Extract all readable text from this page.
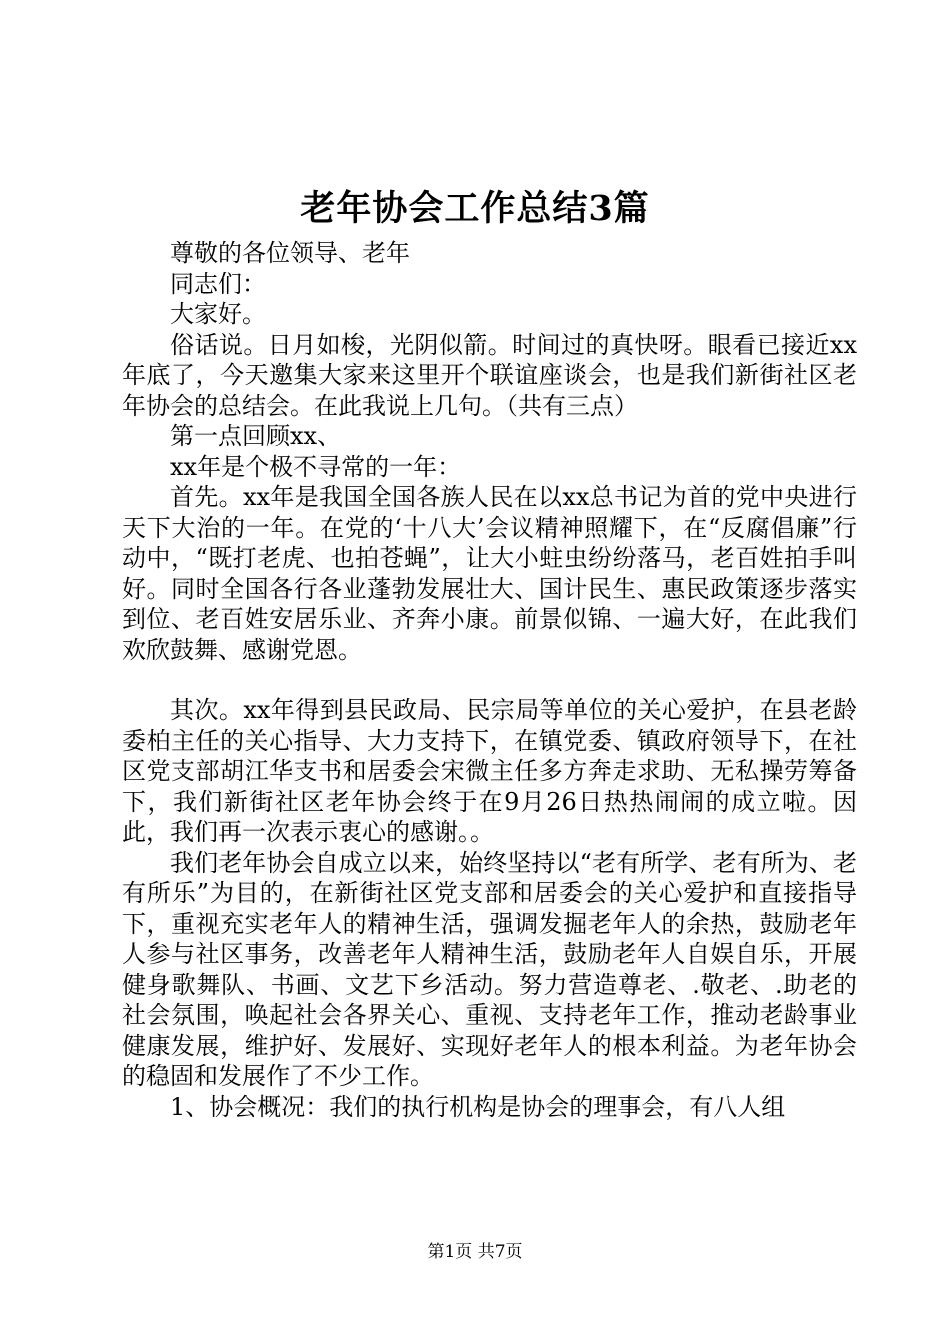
老年协会工作总结3篇

尊敬的各位领导、老年

同志们：

大家好。

俗话说。日月如梭，光阴似箭。时间过的真快呀。眼看已接近xx年底了，今天邀集大家来这里开个联谊座谈会，也是我们新街社区老年协会的总结会。在此我说上几句。（共有三点）

第一点回顾xx、

xx年是个极不寻常的一年：

首先。xx年是我国全国各族人民在以xx总书记为首的党中央进行天下大治的一年。在党的‘十八大’会议精神照耀下，在“反腐倡廉”行动中，“既打老虎、也拍苍蝇”，让大小蛀虫纷纷落马，老百姓拍手叫好。同时全国各行各业蓬勃发展壮大、国计民生、惠民政策逐步落实到位、老百姓安居乐业、齐奔小康。前景似锦、一遍大好，在此我们欢欣鼓舞、感谢党恩。

其次。xx年得到县民政局、民宗局等单位的关心爱护，在县老龄委柏主任的关心指导、大力支持下，在镇党委、镇政府领导下，在社区党支部胡江华支书和居委会宋微主任多方奔走求助、无私操劳筹备下，我们新街社区老年协会终于在9月26日热热闹闹的成立啦。因此，我们再一次表示衷心的感谢。。

我们老年协会自成立以来，始终坚持以“老有所学、老有所为、老有所乐”为目的，在新街社区党支部和居委会的关心爱护和直接指导下，重视充实老年人的精神生活，强调发掘老年人的余热，鼓励老年人参与社区事务，改善老年人精神生活，鼓励老年人自娱自乐，开展健身歌舞队、书画、文艺下乡活动。努力营造尊老、.敬老、.助老的社会氛围，唤起社会各界关心、重视、支持老年工作，推动老龄事业健康发展，维护好、发展好、实现好老年人的根本利益。为老年协会的稳固和发展作了不少工作。

1、协会概况：我们的执行机构是协会的理事会，有八人组

第1页 共7页
